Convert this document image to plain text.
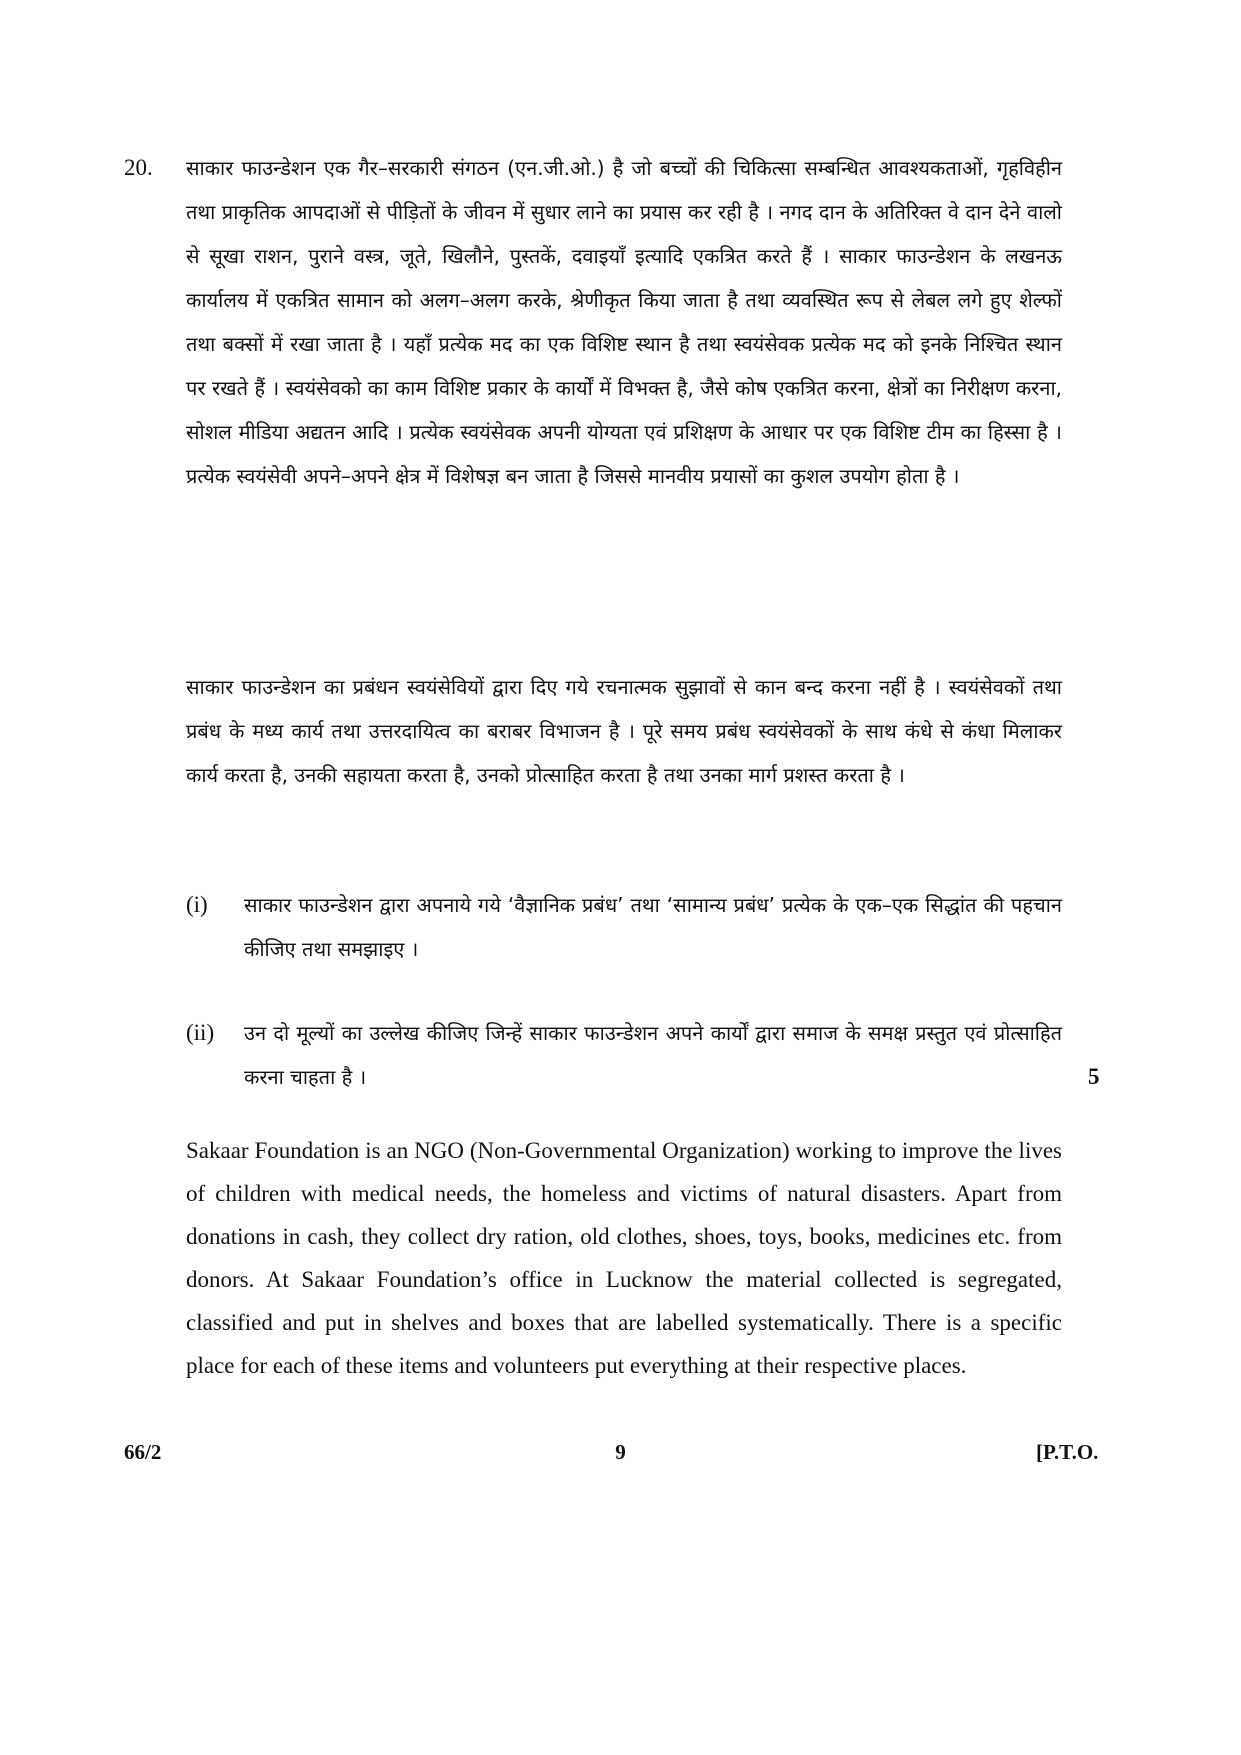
20. साकार फाउन्डेशन एक गैर–सरकारी संगठन (एन.जी.ओ.) है जो बच्चों की चिकित्सा सम्बन्धित आवश्यकताओं, गृहविहीन तथा प्राकृतिक आपदाओं से पीड़ितों के जीवन में सुधार लाने का प्रयास कर रही है । नगद दान के अतिरिक्त वे दान देने वालो से सूखा राशन, पुराने वस्त्र, जूते, खिलौने, पुस्तकें, दवाइयाँ इत्यादि एकत्रित करते हैं । साकार फाउन्डेशन के लखनऊ कार्यालय में एकत्रित सामान को अलग–अलग करके, श्रेणीकृत किया जाता है तथा व्यवस्थित रूप से लेबल लगे हुए शेल्फों तथा बक्सों में रखा जाता है । यहाँ प्रत्येक मद का एक विशिष्ट स्थान है तथा स्वयंसेवक प्रत्येक मद को इनके निश्चित स्थान पर रखते हैं । स्वयंसेवको का काम विशिष्ट प्रकार के कार्यों में विभक्त है, जैसे कोष एकत्रित करना, क्षेत्रों का निरीक्षण करना, सोशल मीडिया अद्यतन आदि । प्रत्येक स्वयंसेवक अपनी योग्यता एवं प्रशिक्षण के आधार पर एक विशिष्ट टीम का हिस्सा है । प्रत्येक स्वयंसेवी अपने–अपने क्षेत्र में विशेषज्ञ बन जाता है जिससे मानवीय प्रयासों का कुशल उपयोग होता है ।
साकार फाउन्डेशन का प्रबंधन स्वयंसेवियों द्वारा दिए गये रचनात्मक सुझावों से कान बन्द करना नहीं है । स्वयंसेवकों तथा प्रबंध के मध्य कार्य तथा उत्तरदायित्व का बराबर विभाजन है । पूरे समय प्रबंध स्वयंसेवकों के साथ कंधे से कंधा मिलाकर कार्य करता है, उनकी सहायता करता है, उनको प्रोत्साहित करता है तथा उनका मार्ग प्रशस्त करता है ।
(i) साकार फाउन्डेशन द्वारा अपनाये गये ‘वैज्ञानिक प्रबंध’ तथा ‘सामान्य प्रबंध’ प्रत्येक के एक–एक सिद्धांत की पहचान कीजिए तथा समझाइए ।
(ii) उन दो मूल्यों का उल्लेख कीजिए जिन्हें साकार फाउन्डेशन अपने कार्यों द्वारा समाज के समक्ष प्रस्तुत एवं प्रोत्साहित करना चाहता है ।	5
Sakaar Foundation is an NGO (Non-Governmental Organization) working to improve the lives of children with medical needs, the homeless and victims of natural disasters. Apart from donations in cash, they collect dry ration, old clothes, shoes, toys, books, medicines etc. from donors. At Sakaar Foundation’s office in Lucknow the material collected is segregated, classified and put in shelves and boxes that are labelled systematically. There is a specific place for each of these items and volunteers put everything at their respective places.
66/2	9	[P.T.O.
